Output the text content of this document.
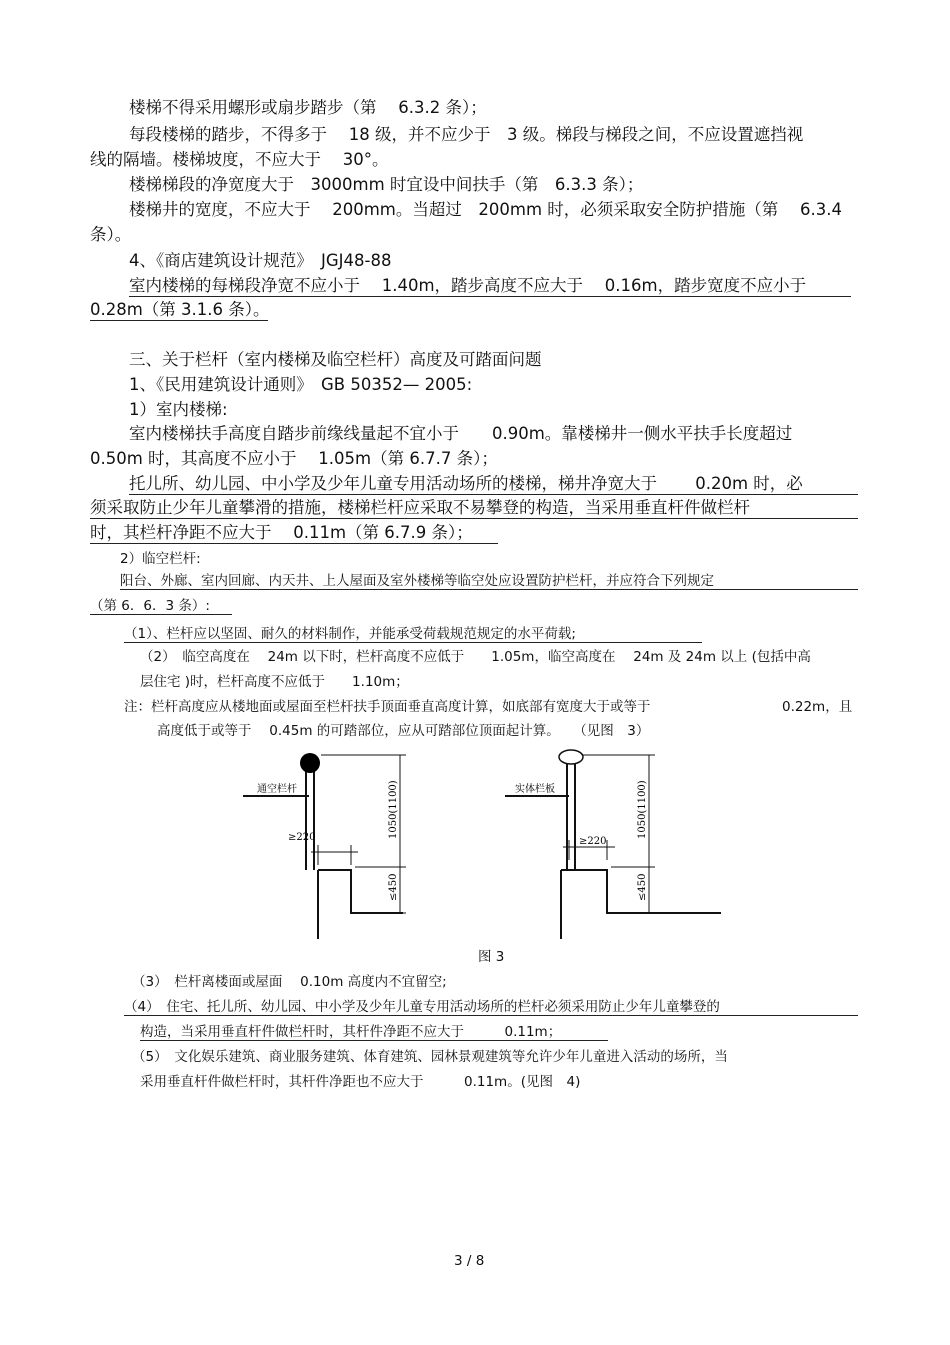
楼梯不得采用螺形或扇步踏步（第　 6.3.2 条）；
每段楼梯的踏步，不得多于　 18 级，并不应少于　3 级。梯段与梯段之间，不应设置遮挡视
线的隔墙。楼梯坡度，不应大于　 30°。
楼梯梯段的净宽度大于　3000mm 时宜设中间扶手（第　6.3.3 条）；
楼梯井的宽度，不应大于　 200mm。当超过　200mm 时，必须采取安全防护措施（第　 6.3.4
条）。
4、《商店建筑设计规范》　JGJ48-88
室内楼梯的每梯段净宽不应小于　 1.40m，踏步高度不应大于　 0.16m，踏步宽度不应小于
0.28m（第 3.1.6 条）。
三、关于栏杆（室内楼梯及临空栏杆）高度及可踏面问题
1、《民用建筑设计通则》　GB 50352— 2005:
1）室内楼梯:
室内楼梯扶手高度自踏步前缘线量起不宜小于　　0.90m。靠楼梯井一侧水平扶手长度超过
0.50m 时，其高度不应小于　 1.05m（第 6.7.7 条）；
托儿所、幼儿园、中小学及少年儿童专用活动场所的楼梯，梯井净宽大于　　 0.20m 时，必
须采取防止少年儿童攀滑的措施，楼梯栏杆应采取不易攀登的构造，当采用垂直杆件做栏杆
时，其栏杆净距不应大于　 0.11m（第 6.7.9 条）；
2）临空栏杆:
阳台、外廊、室内回廊、内天井、上人屋面及室外楼梯等临空处应设置防护栏杆，并应符合下列规定
（第 6．6．3 条）:
（1）、栏杆应以坚固、耐久的材料制作，并能承受荷载规范规定的水平荷载;
（2）　临空高度在　 24m 以下时，栏杆高度不应低于　　1.05m，临空高度在　 24m 及 24m 以上 (包括中高
层住宅 )时，栏杆高度不应低于　　1.10m；
注：栏杆高度应从楼地面或屋面至栏杆扶手顶面垂直高度计算，如底部有宽度大于或等于	0.22m，且
高度低于或等于　 0.45m 的可踏部位，应从可踏部位顶面起计算。　　（见图　3）
通空栏杆	实体栏板
≥220	≥220
1050(1100)	1050(1100)
≤450	≤450
图 3
（3）　栏杆离楼面或屋面　 0.10m 高度内不宜留空;
（4）　住宅、托儿所、幼儿园、中小学及少年儿童专用活动场所的栏杆必须采用防止少年儿童攀登的
构造，当采用垂直杆件做栏杆时，其杆件净距不应大于　　　0.11m；
（5）　文化娱乐建筑、商业服务建筑、体育建筑、园林景观建筑等允许少年儿童进入活动的场所，当
采用垂直杆件做栏杆时，其杆件净距也不应大于　　　0.11m。(见图　4)
3 / 8
